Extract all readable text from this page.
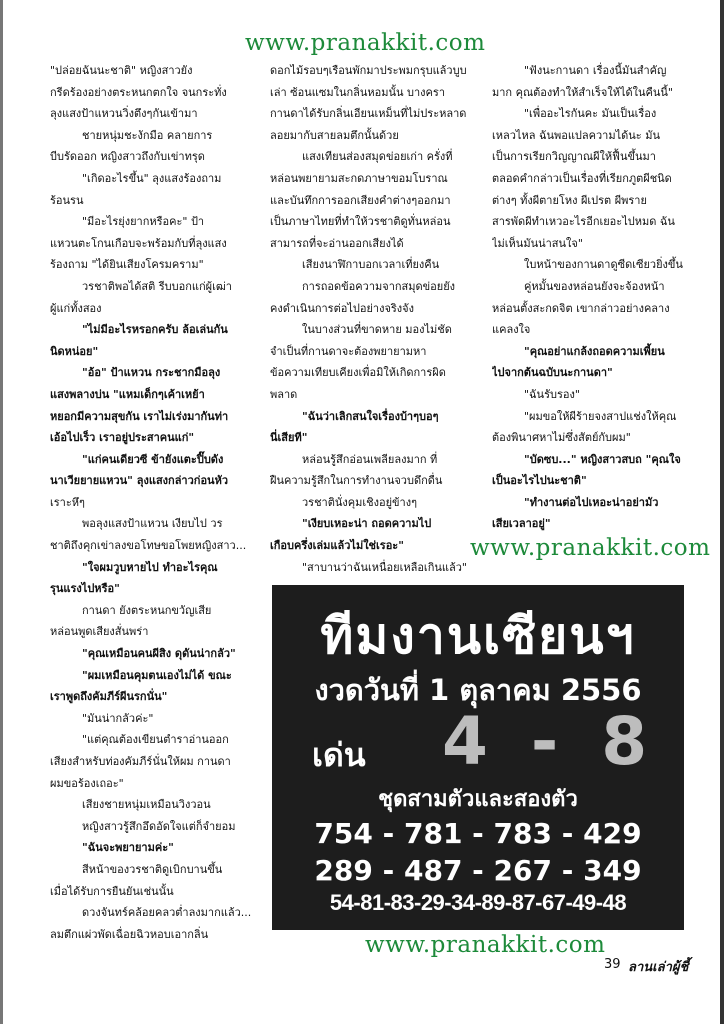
www.pranakkit.com
www.pranakkit.com
www.pranakkit.com

"ปล่อยฉันนะชาติ" หญิงสาวยัง

กรีดร้องอย่างตระหนกตกใจ จนกระทั่ง

ลุงแสงป้าแหวนวิ่งตึงๆกันเข้ามา

ชายหนุ่มชะงักมือ คลายการ

บีบรัดออก หญิงสาวถึงกับเข่าทรุด

"เกิดอะไรขึ้น" ลุงแสงร้องถาม

ร้อนรน

"มีอะไรยุ่งยากหรือคะ" ป้า

แหวนตะโกนเกือบจะพร้อมกับที่ลุงแสง

ร้องถาม "ได้ยินเสียงโครมคราม"

วรชาติพอได้สติ รีบบอกแก่ผู้เฒ่า

ผู้แก่ทั้งสอง

"ไม่มีอะไรหรอกครับ ล้อเล่นกัน

นิดหน่อย"

"อ้อ" ป้าแหวน กระชากมือลุง

แสงพลางบ่น "แหมเด็กๆเค้าเหย้า

หยอกมีความสุขกัน เราไม่เร่งมากันท่า

เอ้อไปเร็ว เราอยู่ประสาคนแก่"

"แก่คนเดียวซี ข้ายังแตะปิ๊บดัง

นาเวียยายแหวน" ลุงแสงกล่าวก่อนหัว

เราะหึๆ

พอลุงแสงป้าแหวน เงียบไป วร

ชาติถึงคุกเข่าลงขอโทษขอโพยหญิงสาว...

"ใจผมวูบหายไป ทำอะไรคุณ

รุนแรงไปหรือ"

กานดา ยังตระหนกขวัญเสีย

หล่อนพูดเสียงสั่นพร่า

"คุณเหมือนคนผีสิง ดุดันน่ากลัว"

"ผมเหมือนคุมตนเองไม่ได้ ขณะ

เราพูดถึงคัมภีร์ผีนรกนั่น"

"มันน่ากลัวค่ะ"

"แต่คุณต้องเขียนตำราอ่านออก

เสียงสำหรับท่องคัมภีร์นั่นให้ผม กานดา

ผมขอร้องเถอะ"

เสียงชายหนุ่มเหมือนวิงวอน

หญิงสาวรู้สึกอึดอัดใจแต่ก็จำยอม

"ฉันจะพยายามค่ะ"

สีหน้าของวรชาติดูเบิกบานขึ้น

เมื่อได้รับการยืนยันเช่นนั้น

ดวงจันทร์คล้อยคลวต่ำลงมากแล้ว...

ลมตึกแผ่วพัดเฉื่อยฉิวหอบเอากลิ่น

ดอกไม้รอบๆเรือนพักมาประพมกรุบแล้วบูบ

เล่า ซ้อนแซมในกลิ่นหอมนั้น บางครา

กานดาได้รับกลิ่นเอียนเหม็นที่ไม่ประหลาด

ลอยมากับสายลมตึกนั้นด้วย

แสงเทียนส่องสมุดข่อยเก่า ครั่งที่

หล่อนพยายามสะกดภาษาขอมโบราณ

และบันทึกการออกเสียงคำต่างๆออกมา

เป็นภาษาไทยที่ทำให้วรชาติดูทั่นหล่อน

สามารถที่จะอ่านออกเสียงได้

เสียงนาฬิกาบอกเวลาเที่ยงคืน

การถอดข้อความจากสมุดข่อยยัง

คงดำเนินการต่อไปอย่างจริงจัง

ในบางส่วนที่ขาดหาย มองไม่ชัด

จำเป็นที่กานดาจะต้องพยายามหา

ข้อความเทียบเคียงเพื่อมิให้เกิดการผิด

พลาด

"ฉันว่าเลิกสนใจเรื่องบ้าๆบอๆ

นี่เสียที"

หล่อนรู้สึกอ่อนเพลียลงมาก ที่

ฝืนความรู้สึกในการทำงานจวบดึกดื่น

วรชาตินั่งคุมเชิงอยู่ข้างๆ

"เงียบเหอะน่า ถอดความไป

เกือบครึ่งเล่มแล้วไม่ใช่เรอะ"

"สาบานว่าฉันเหนื่อยเหลือเกินแล้ว"

"ฟังนะกานดา เรื่องนี้มันสำคัญ

มาก คุณต้องทำให้สำเร็จให้ได้ในคืนนี้"

"เพื่ออะไรกันคะ มันเป็นเรื่อง

เหลวไหล ฉันพอแปลความได้นะ มัน

เป็นการเรียกวิญญาณผีให้ฟื้นขึ้นมา

ตลอดคำกล่าวเป็นเรื่องที่เรียกภูตผีชนิด

ต่างๆ ทั้งผีตายโหง ผีเปรต ผีพราย

สารพัดผีทำเหวอะไรอีกเยอะไปหมด ฉัน

ไม่เห็นมันน่าสนใจ"

ใบหน้าของกานดาดูซีดเซียวยิ่งขึ้น

คู่หมั้นของหล่อนยังจะจ้องหน้า

หล่อนตั้งสะกดจิต เขากล่าวอย่างคลาง

แคลงใจ

"คุณอย่าแกล้งถอดความเพี้ยน

ไปจากต้นฉบับนะกานดา"

"ฉันรับรอง"

"ผมขอให้ผีร้ายจงสาปแช่งให้คุณ

ต้องพินาศหาไม่ซึ่งสัตย์กับผม"

"บัดซบ..." หญิงสาวสบถ "คุณใจ

เป็นอะไรไปนะชาติ"

"ทำงานต่อไปเหอะน่าอย่ามัว

เสียเวลาอยู่"

ทีมงานเซียนฯ
งวดวันที่ 1 ตุลาคม 2556
เด่น 4 - 8
ชุดสามตัวและสองตัว
754 - 781 - 783 - 429
289 - 487 - 267 - 349
54-81-83-29-34-89-87-67-49-48
39 ลานเล่าผู้ชี้
